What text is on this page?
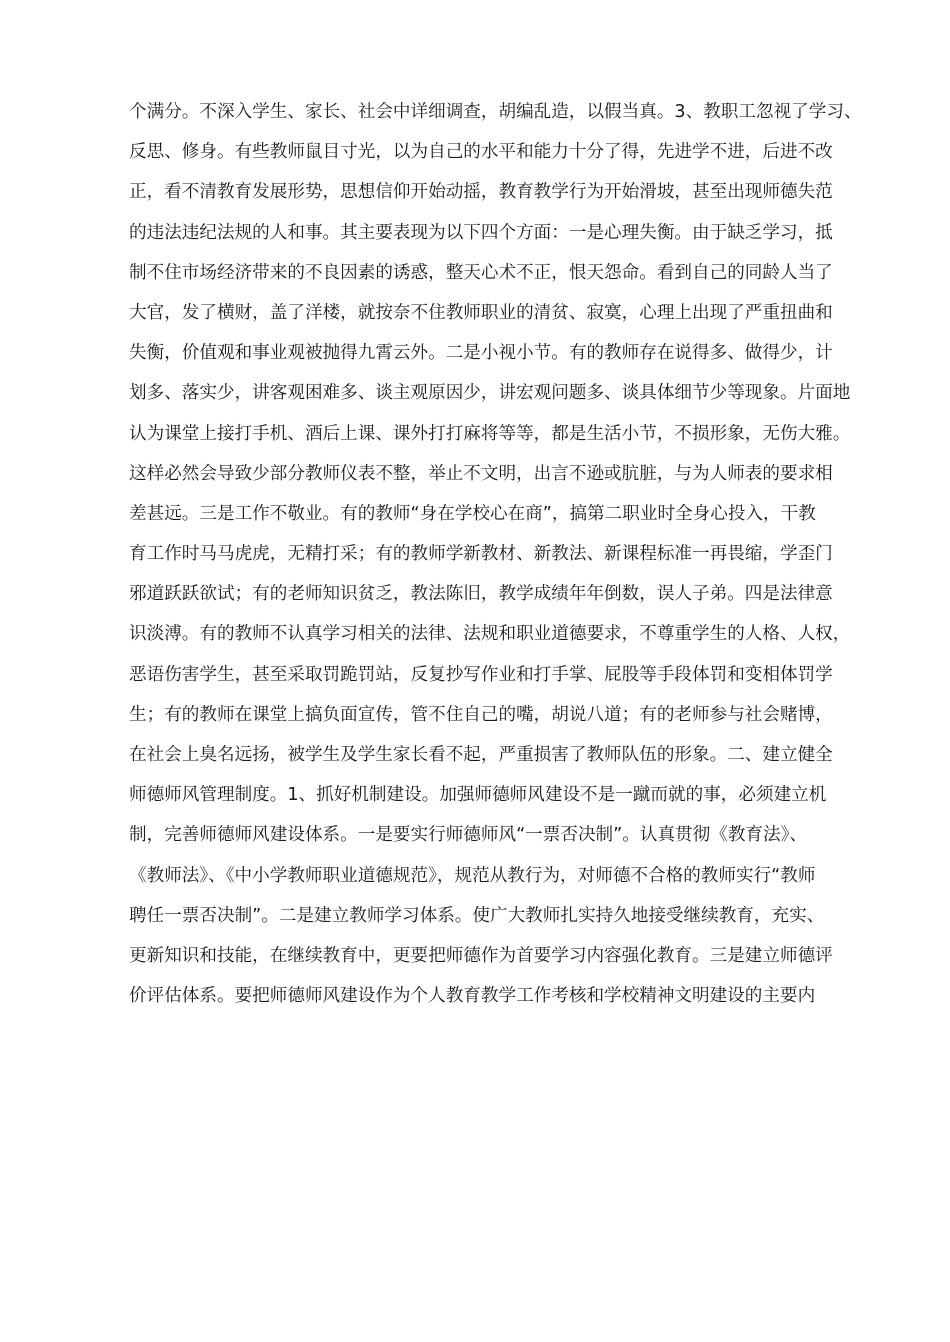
个满分。不深入学生、家长、社会中详细调查，胡编乱造，以假当真。3、教职工忽视了学习、
反思、修身。有些教师鼠目寸光，以为自己的水平和能力十分了得，先进学不进，后进不改
正，看不清教育发展形势，思想信仰开始动摇，教育教学行为开始滑坡，甚至出现师德失范
的违法违纪法规的人和事。其主要表现为以下四个方面：一是心理失衡。由于缺乏学习，抵
制不住市场经济带来的不良因素的诱惑，整天心术不正，恨天怨命。看到自己的同龄人当了
大官，发了横财，盖了洋楼，就按奈不住教师职业的清贫、寂寞，心理上出现了严重扭曲和
失衡，价值观和事业观被抛得九霄云外。二是小视小节。有的教师存在说得多、做得少，计
划多、落实少，讲客观困难多、谈主观原因少，讲宏观问题多、谈具体细节少等现象。片面地
认为课堂上接打手机、酒后上课、课外打打麻将等等，都是生活小节，不损形象，无伤大雅。
这样必然会导致少部分教师仪表不整，举止不文明，出言不逊或肮脏，与为人师表的要求相
差甚远。三是工作不敬业。有的教师“身在学校心在商”，搞第二职业时全身心投入，干教
育工作时马马虎虎，无精打采；有的教师学新教材、新教法、新课程标准一再畏缩，学歪门
邪道跃跃欲试；有的老师知识贫乏，教法陈旧，教学成绩年年倒数，误人子弟。四是法律意
识淡溥。有的教师不认真学习相关的法律、法规和职业道德要求，不尊重学生的人格、人权，
恶语伤害学生，甚至采取罚跪罚站，反复抄写作业和打手掌、屁股等手段体罚和变相体罚学
生；有的教师在课堂上搞负面宣传，管不住自己的嘴，胡说八道；有的老师参与社会赌博，
在社会上臭名远扬，被学生及学生家长看不起，严重损害了教师队伍的形象。二、建立健全
师德师风管理制度。1、抓好机制建设。加强师德师风建设不是一蹴而就的事，必须建立机
制，完善师德师风建设体系。一是要实行师德师风“一票否决制”。认真贯彻《教育法》、
《教师法》、《中小学教师职业道德规范》，规范从教行为，对师德不合格的教师实行“教师
聘任一票否决制”。二是建立教师学习体系。使广大教师扎实持久地接受继续教育，充实、
更新知识和技能，在继续教育中，更要把师德作为首要学习内容强化教育。三是建立师德评
价评估体系。要把师德师风建设作为个人教育教学工作考核和学校精神文明建设的主要内
